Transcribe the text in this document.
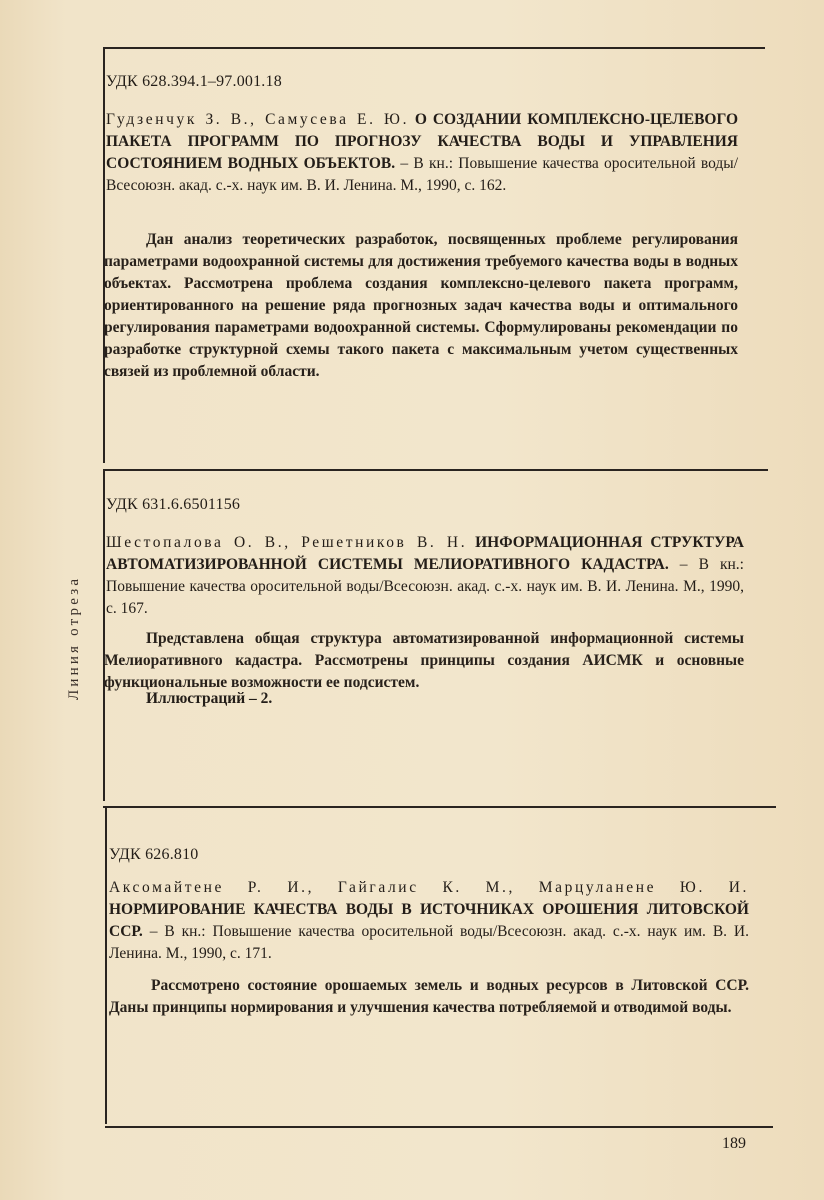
Линия отреза
УДК 628.394.1–97.001.18
Гудзенчук З. В., Самусева Е. Ю. О СОЗДАНИИ КОМПЛЕКСНО-ЦЕЛЕВОГО ПАКЕТА ПРОГРАММ ПО ПРОГНОЗУ КАЧЕСТВА ВОДЫ И УПРАВЛЕНИЯ СОСТОЯНИЕМ ВОДНЫХ ОБЪЕКТОВ. – В кн.: Повышение качества оросительной воды/Всесоюзн. акад. с.-х. наук им. В. И. Ленина. М., 1990, с. 162.
Дан анализ теоретических разработок, посвященных проблеме регулирования параметрами водоохранной системы для достижения требуемого качества воды в водных объектах. Рассмотрена проблема создания комплексно-целевого пакета программ, ориентированного на решение ряда прогнозных задач качества воды и оптимального регулирования параметрами водоохранной системы. Сформулированы рекомендации по разработке структурной схемы такого пакета с максимальным учетом существенных связей из проблемной области.
УДК 631.6.6501156
Шестопалова О. В., Решетников В. Н. ИНФОРМАЦИОННАЯ СТРУКТУРА АВТОМАТИЗИРОВАННОЙ СИСТЕМЫ МЕЛИОРАТИВНОГО КАДАСТРА. – В кн.: Повышение качества оросительной воды/Всесоюзн. акад. с.-х. наук им. В. И. Ленина. М., 1990, с. 167.
Представлена общая структура автоматизированной информационной системы Мелиоративного кадастра. Рассмотрены принципы создания АИСМК и основные функциональные возможности ее подсистем.
Иллюстраций – 2.
УДК 626.810
Аксомайтене Р. И., Гайгалис К. М., Марцуланене Ю. И. НОРМИРОВАНИЕ КАЧЕСТВА ВОДЫ В ИСТОЧНИКАХ ОРОШЕНИЯ ЛИТОВСКОЙ ССР. – В кн.: Повышение качества оросительной воды/Всесоюзн. акад. с.-х. наук им. В. И. Ленина. М., 1990, с. 171.
Рассмотрено состояние орошаемых земель и водных ресурсов в Литовской ССР. Даны принципы нормирования и улучшения качества потребляемой и отводимой воды.
189
